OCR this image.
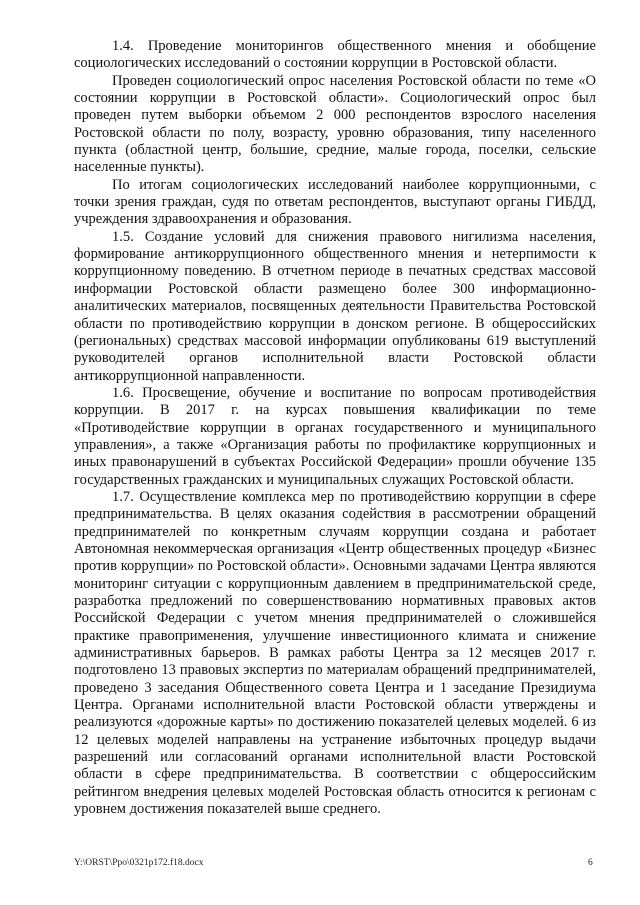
1.4. Проведение мониторингов общественного мнения и обобщение социологических исследований о состоянии коррупции в Ростовской области.

Проведен социологический опрос населения Ростовской области по теме «О состоянии коррупции в Ростовской области». Социологический опрос был проведен путем выборки объемом 2 000 респондентов взрослого населения Ростовской области по полу, возрасту, уровню образования, типу населенного пункта (областной центр, большие, средние, малые города, поселки, сельские населенные пункты).

По итогам социологических исследований наиболее коррупционными, с точки зрения граждан, судя по ответам респондентов, выступают органы ГИБДД, учреждения здравоохранения и образования.

1.5. Создание условий для снижения правового нигилизма населения, формирование антикоррупционного общественного мнения и нетерпимости к коррупционному поведению. В отчетном периоде в печатных средствах массовой информации Ростовской области размещено более 300 информационно-аналитических материалов, посвященных деятельности Правительства Ростовской области по противодействию коррупции в донском регионе. В общероссийских (региональных) средствах массовой информации опубликованы 619 выступлений руководителей органов исполнительной власти Ростовской области антикоррупционной направленности.

1.6. Просвещение, обучение и воспитание по вопросам противодействия коррупции. В 2017 г. на курсах повышения квалификации по теме «Противодействие коррупции в органах государственного и муниципального управления», а также «Организация работы по профилактике коррупционных и иных правонарушений в субъектах Российской Федерации» прошли обучение 135 государственных гражданских и муниципальных служащих Ростовской области.

1.7. Осуществление комплекса мер по противодействию коррупции в сфере предпринимательства. В целях оказания содействия в рассмотрении обращений предпринимателей по конкретным случаям коррупции создана и работает Автономная некоммерческая организация «Центр общественных процедур «Бизнес против коррупции» по Ростовской области». Основными задачами Центра являются мониторинг ситуации с коррупционным давлением в предпринимательской среде, разработка предложений по совершенствованию нормативных правовых актов Российской Федерации с учетом мнения предпринимателей о сложившейся практике правоприменения, улучшение инвестиционного климата и снижение административных барьеров. В рамках работы Центра за 12 месяцев 2017 г. подготовлено 13 правовых экспертиз по материалам обращений предпринимателей, проведено 3 заседания Общественного совета Центра и 1 заседание Президиума Центра. Органами исполнительной власти Ростовской области утверждены и реализуются «дорожные карты» по достижению показателей целевых моделей. 6 из 12 целевых моделей направлены на устранение избыточных процедур выдачи разрешений или согласований органами исполнительной власти Ростовской области в сфере предпринимательства. В соответствии с общероссийским рейтингом внедрения целевых моделей Ростовская область относится к регионам с уровнем достижения показателей выше среднего.

Y:\ORST\Ppo\0321p172.f18.docx	6
